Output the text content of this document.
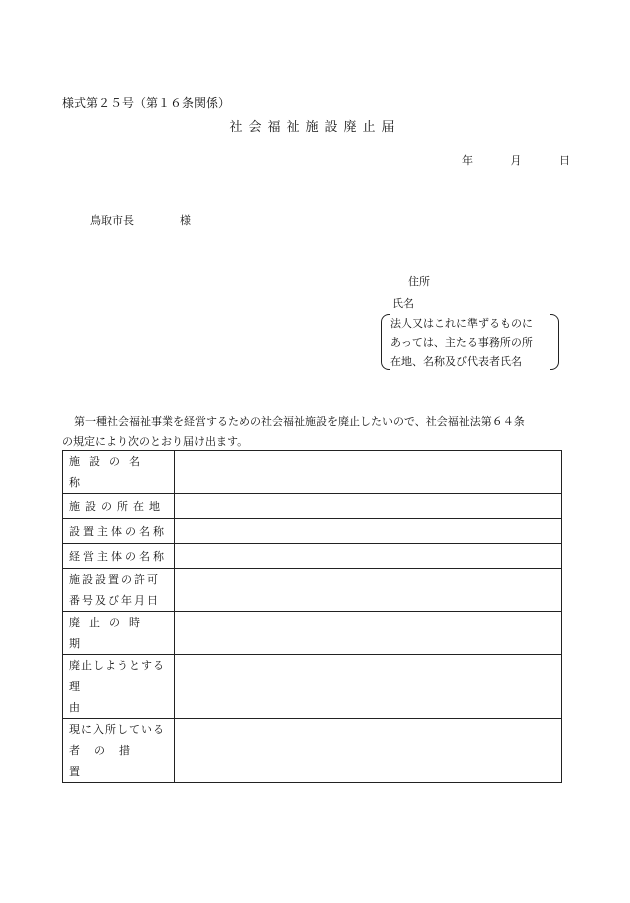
様式第２５号（第１６条関係）
社会福祉施設廃止届
年	月	日
鳥取市長	様
住所
氏名
法人又はこれに準ずるものに
あっては、主たる事務所の所
在地、名称及び代表者氏名
第一種社会福祉事業を経営するための社会福祉施設を廃止したいので、社会福祉法第６４条
の規定により次のとおり届け出ます。
施設の名称	

施設の所在地	
設置主体の名称	
経営主体の名称	

施設設置の許可
番号及び年月日	

廃止の時期	

廃止しようとする
理由	

現に入所している
者の措置	
